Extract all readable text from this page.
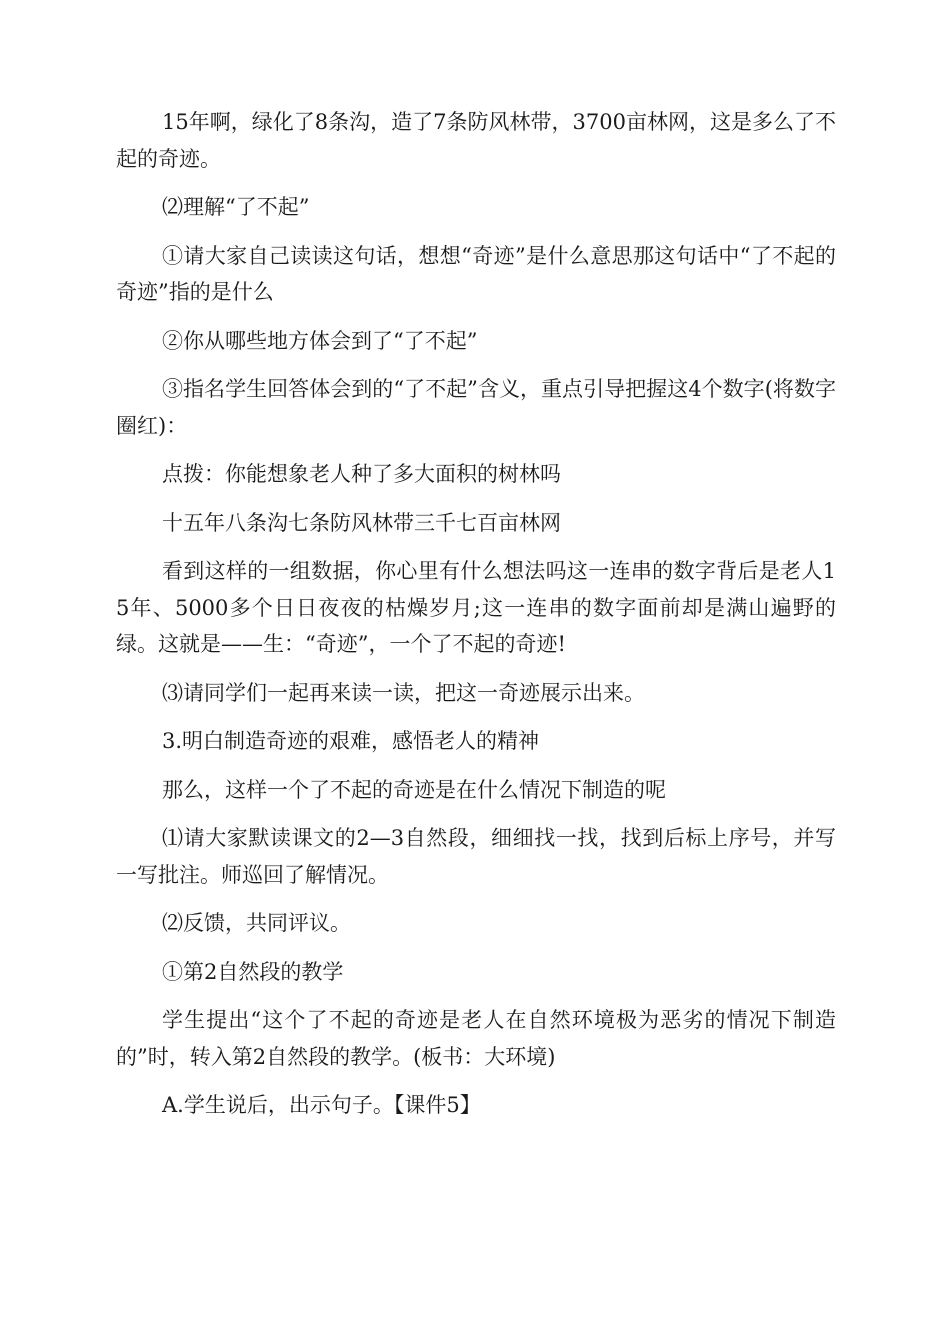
15年啊，绿化了8条沟，造了7条防风林带，3700亩林网，这是多么了不起的奇迹。

⑵理解“了不起”

①请大家自己读读这句话，想想“奇迹”是什么意思那这句话中“了不起的奇迹”指的是什么

②你从哪些地方体会到了“了不起”

③指名学生回答体会到的“了不起”含义，重点引导把握这4个数字(将数字圈红)：

点拨：你能想象老人种了多大面积的树林吗

十五年八条沟七条防风林带三千七百亩林网

看到这样的一组数据，你心里有什么想法吗这一连串的数字背后是老人15年、5000多个日日夜夜的枯燥岁月;这一连串的数字面前却是满山遍野的绿。这就是——生：“奇迹”，一个了不起的奇迹!

⑶请同学们一起再来读一读，把这一奇迹展示出来。

3.明白制造奇迹的艰难，感悟老人的精神

那么，这样一个了不起的奇迹是在什么情况下制造的呢

⑴请大家默读课文的2—3自然段，细细找一找，找到后标上序号，并写一写批注。师巡回了解情况。

⑵反馈，共同评议。

①第2自然段的教学

学生提出“这个了不起的奇迹是老人在自然环境极为恶劣的情况下制造的”时，转入第2自然段的教学。(板书：大环境)

A.学生说后，出示句子。【课件5】
